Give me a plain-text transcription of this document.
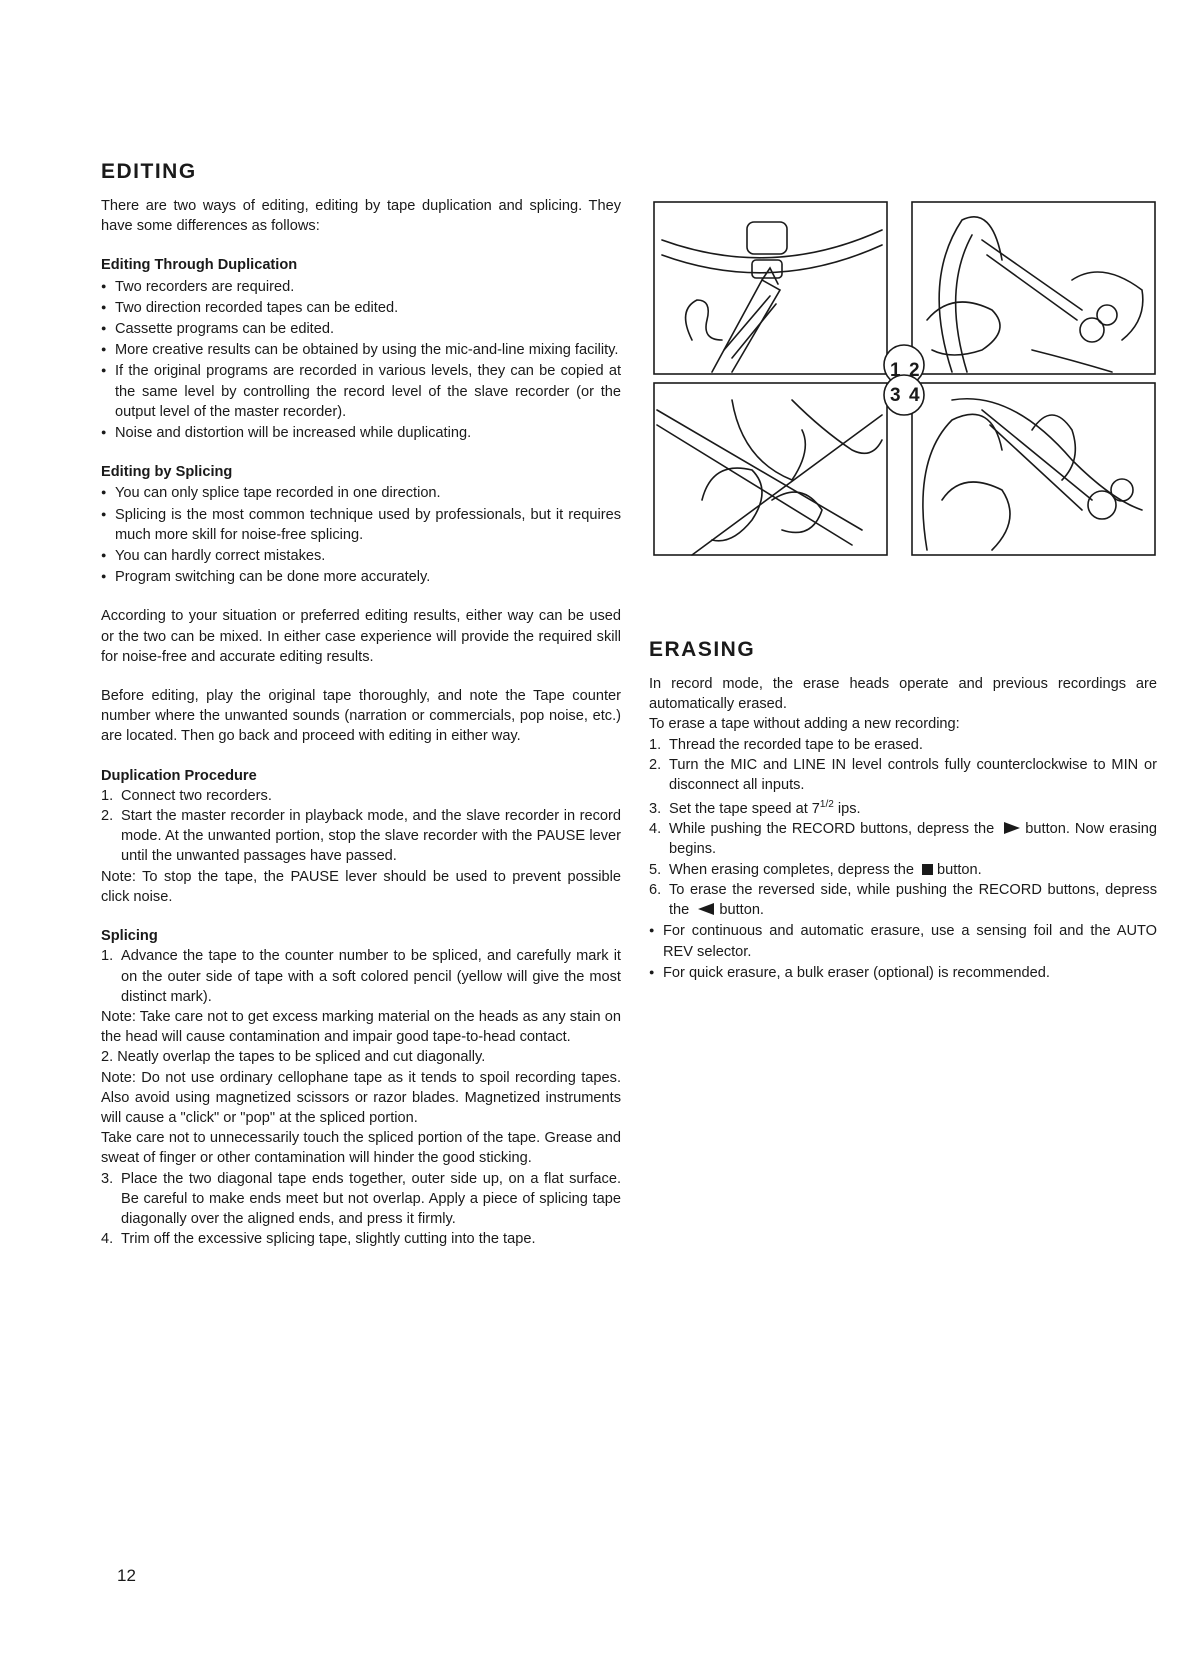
EDITING

There are two ways of editing, editing by tape duplication and splicing. They have some differences as follows:

Editing Through Duplication
● Two recorders are required.
● Two direction recorded tapes can be edited.
● Cassette programs can be edited.
● More creative results can be obtained by using the mic-and-line mixing facility.
● If the original programs are recorded in various levels, they can be copied at the same level by controlling the record level of the slave recorder (or the output level of the master recorder).
● Noise and distortion will be increased while duplicating.
Editing by Splicing
● You can only splice tape recorded in one direction.
● Splicing is the most common technique used by professionals, but it requires much more skill for noise-free splicing.
● You can hardly correct mistakes.
● Program switching can be done more accurately.

According to your situation or preferred editing results, either way can be used or the two can be mixed. In either case experience will provide the required skill for noise-free and accurate editing results.

Before editing, play the original tape thoroughly, and note the Tape counter number where the unwanted sounds (narration or commercials, pop noise, etc.) are located. Then go back and proceed with editing in either way.

Duplication Procedure
1. Connect two recorders.
2. Start the master recorder in playback mode, and the slave recorder in record mode. At the unwanted portion, stop the slave recorder with the PAUSE lever until the unwanted passages have passed.

Note: To stop the tape, the PAUSE lever should be used to prevent possible click noise.

Splicing
1. Advance the tape to the counter number to be spliced, and carefully mark it on the outer side of tape with a soft colored pencil (yellow will give the most distinct mark).

Note: Take care not to get excess marking material on the heads as any stain on the head will cause contamination and impair good tape-to-head contact.

2. Neatly overlap the tapes to be spliced and cut diagonally.

Note: Do not use ordinary cellophane tape as it tends to spoil recording tapes. Also avoid using magnetized scissors or razor blades. Magnetized instruments will cause a "click" or "pop" at the spliced portion.

Take care not to unnecessarily touch the spliced portion of the tape. Grease and sweat of finger or other contamination will hinder the good sticking.

3. Place the two diagonal tape ends together, outer side up, on a flat surface. Be careful to make ends meet but not overlap. Apply a piece of splicing tape diagonally over the aligned ends, and press it firmly.
4. Trim off the excessive splicing tape, slightly cutting into the tape.
1 2
3 4
ERASING

In record mode, the erase heads operate and previous recordings are automatically erased.

To erase a tape without adding a new recording:

1. Thread the recorded tape to be erased.
2. Turn the MIC and LINE IN level controls fully counterclockwise to MIN or disconnect all inputs.
3. Set the tape speed at $7^{1/2}$ ips.
4. While pushing the RECORD buttons, depress the button. Now erasing begins.
5. When erasing completes, depress the button.
6. To erase the reversed side, while pushing the RECORD buttons, depress the button.
● For continuous and automatic erasure, use a sensing foil and the AUTO REV selector.
● For quick erasure, a bulk eraser (optional) is recommended.
12
